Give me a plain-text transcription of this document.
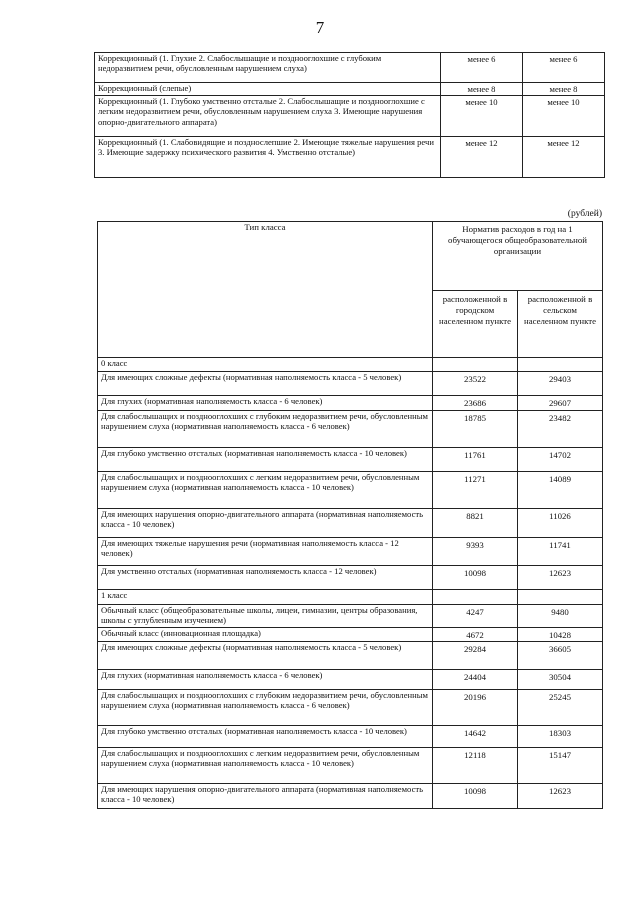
7
Коррекционный (1. Глухие 2. Слабослышащие и позднооглохшие с глубоким недоразвитием речи, обусловленным нарушением слуха)	менее 6	менее 6
Коррекционный (слепые)	менее 8	менее 8
Коррекционный (1. Глубоко умственно отсталые 2. Слабослышащие и позднооглохшие с легким недоразвитием речи, обусловленным нарушением слуха 3. Имеющие нарушения опорно-двигательного аппарата)	менее 10	менее 10
Коррекционный (1. Слабовидящие и позднослепшие 2. Имеющие тяжелые нарушения речи 3. Имеющие задержку психического развития 4. Умственно отсталые)	менее 12	менее 12
(рублей)
Тип класса	Норматив расходов в год на 1 обучающегося общеобразовательной организации	
	расположенной в городском населенном пункте	расположенной в сельском населенном пункте
0 класс		
Для имеющих сложные дефекты (нормативная наполняемость класса - 5 человек)	23522	29403
Для глухих (нормативная наполняемость класса - 6 человек)	23686	29607
Для слабослышащих и позднооглохших с глубоким недоразвитием речи, обусловленным нарушением слуха (нормативная наполняемость класса - 6 человек)	18785	23482
Для глубоко умственно отсталых (нормативная наполняемость класса - 10 человек)	11761	14702
Для слабослышащих и позднооглохших с легким недоразвитием речи, обусловленным нарушением слуха (нормативная наполняемость класса - 10 человек)	11271	14089
Для имеющих нарушения опорно-двигательного аппарата (нормативная наполняемость класса - 10 человек)	8821	11026
Для имеющих тяжелые нарушения речи (нормативная наполняемость класса - 12 человек)	9393	11741
Для умственно отсталых (нормативная наполняемость класса - 12 человек)	10098	12623
1 класс		
Обычный класс (общеобразовательные школы, лицеи, гимназии, центры образования, школы с углубленным изучением)	4247	9480
Обычный класс (инновационная площадка)	4672	10428
Для имеющих сложные дефекты (нормативная наполняемость класса - 5 человек)	29284	36605
Для глухих (нормативная наполняемость класса - 6 человек)	24404	30504
Для слабослышащих и позднооглохших с глубоким недоразвитием речи, обусловленным нарушением слуха (нормативная наполняемость класса - 6 человек)	20196	25245
Для глубоко умственно отсталых (нормативная наполняемость класса - 10 человек)	14642	18303
Для слабослышащих и позднооглохших с легким недоразвитием речи, обусловленным нарушением слуха (нормативная наполняемость класса - 10 человек)	12118	15147
Для имеющих нарушения опорно-двигательного аппарата (нормативная наполняемость класса - 10 человек)	10098	12623
